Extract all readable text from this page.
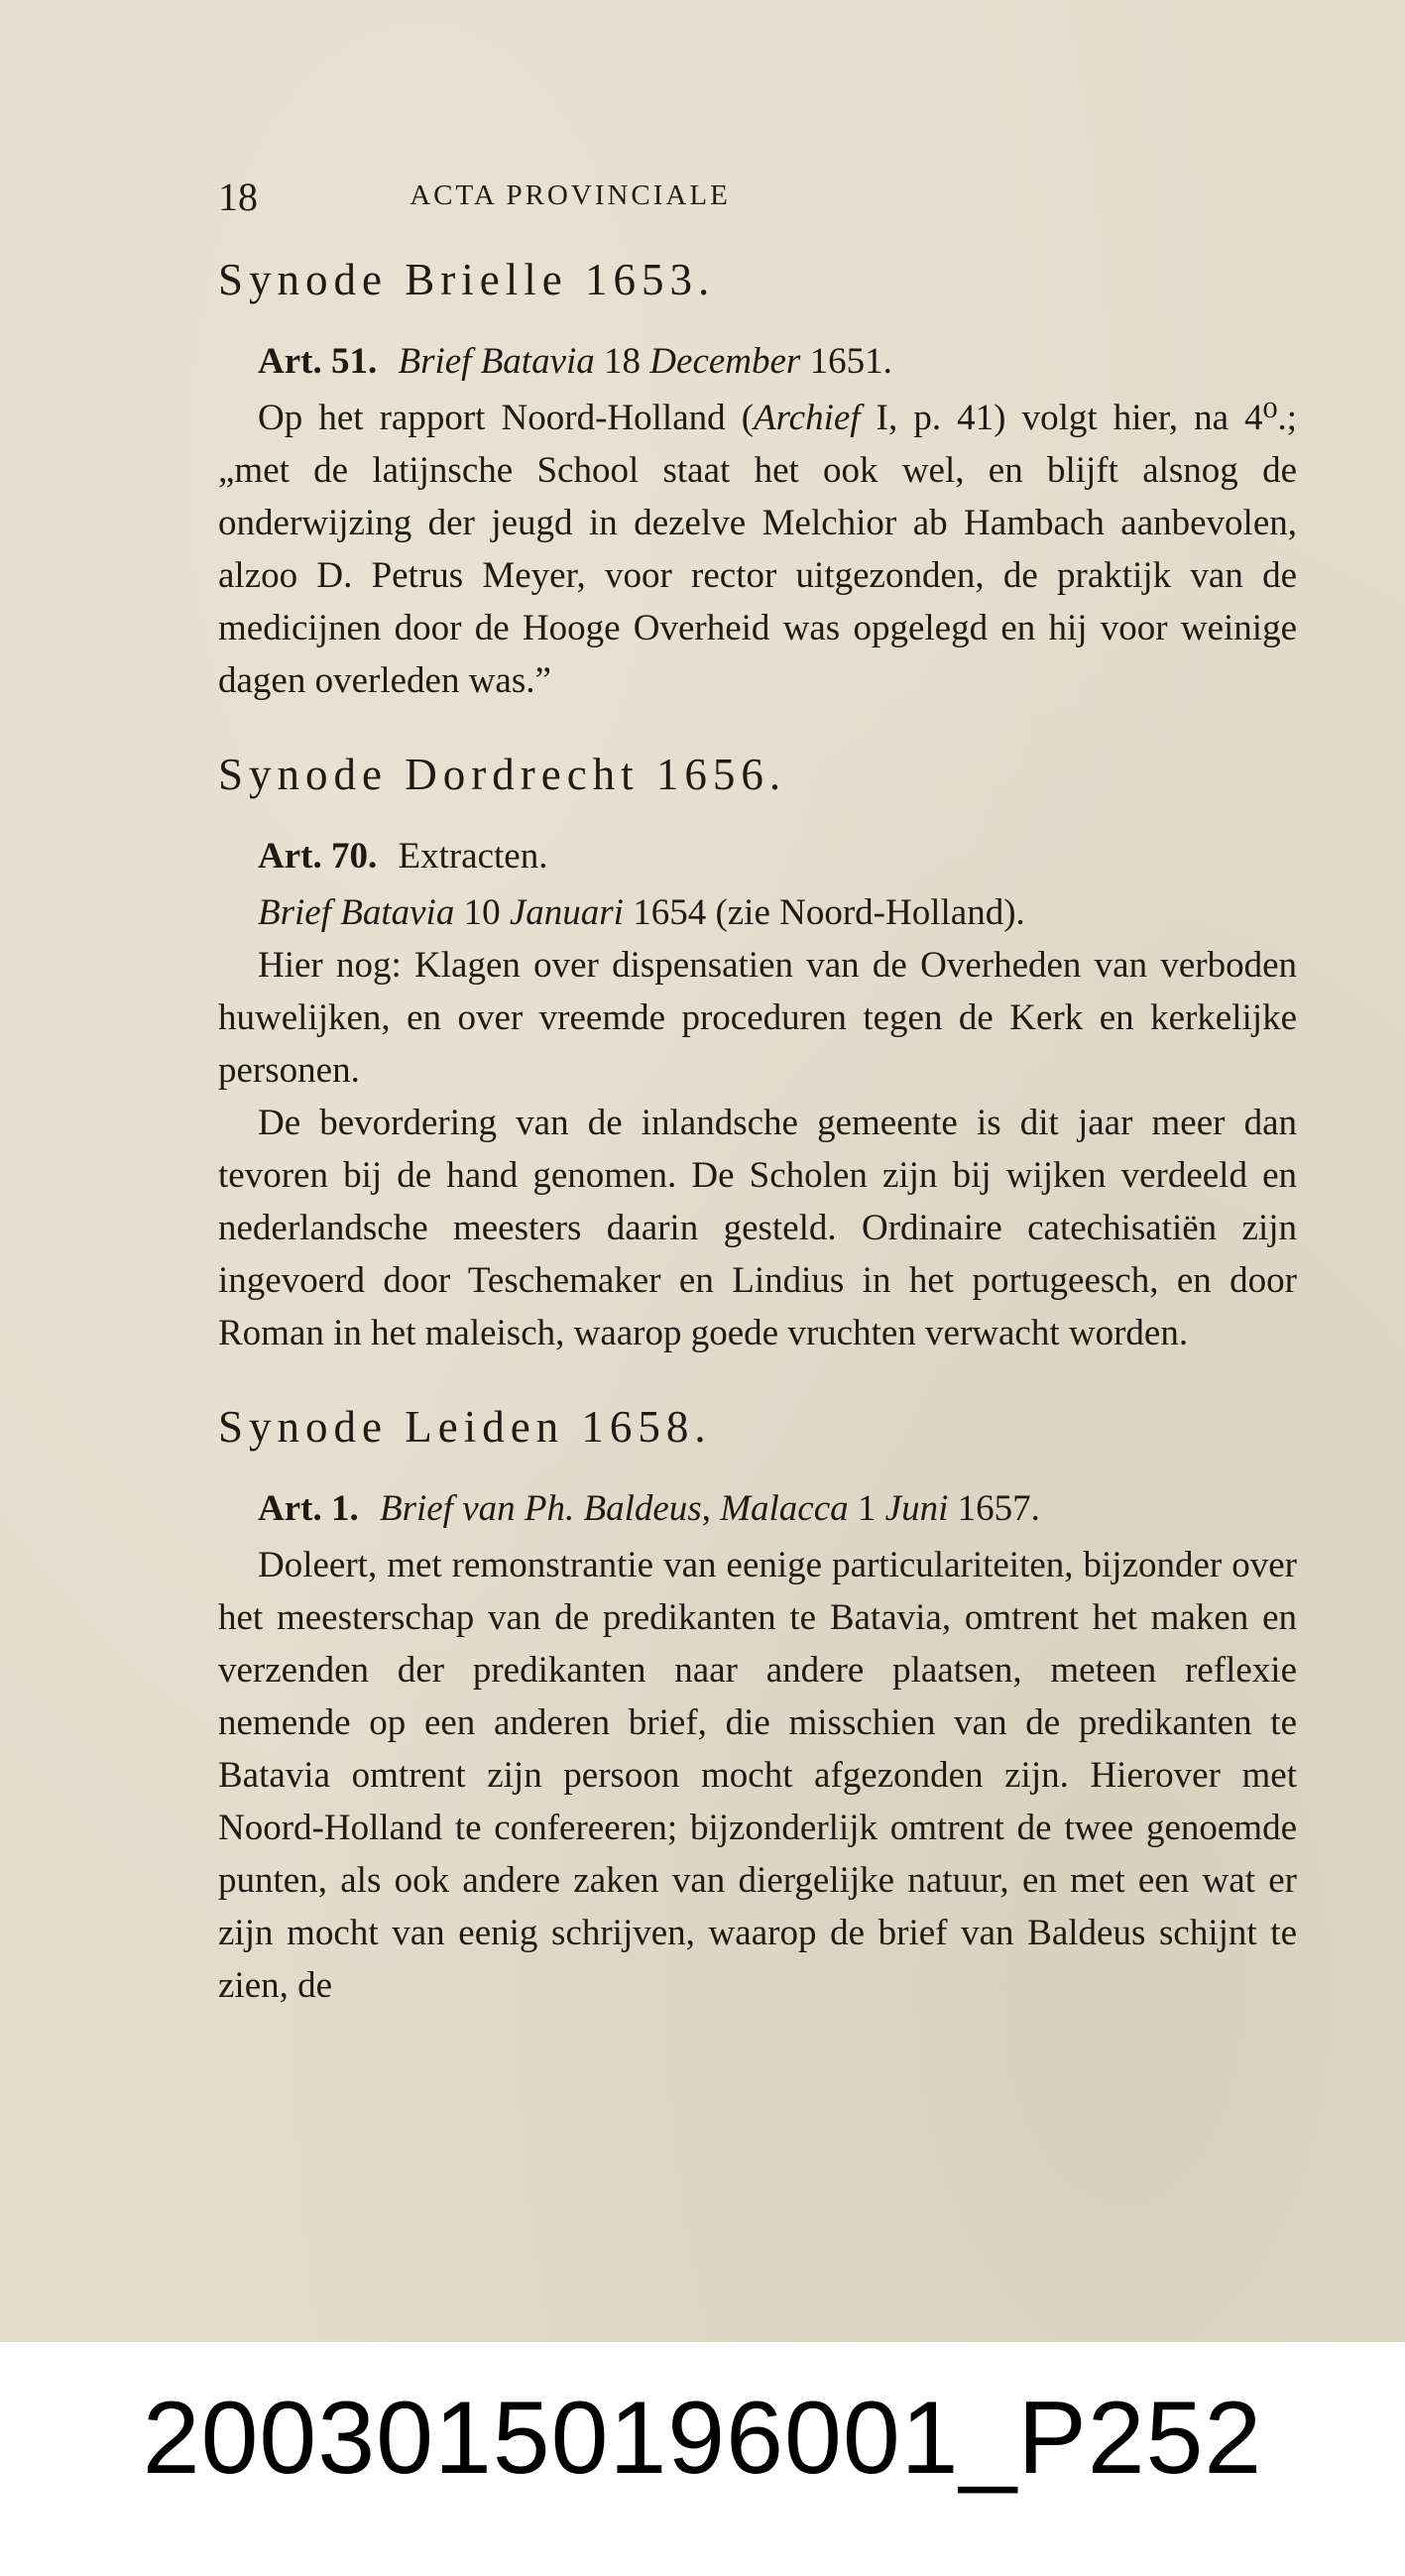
18	ACTA PROVINCIALE
Synode Brielle 1653.
Art. 51. Brief Batavia 18 December 1651.

Op het rapport Noord-Holland (Archief I, p. 41) volgt hier, na 4⁰.; „met de latijnsche School staat het ook wel, en blijft alsnog de onderwijzing der jeugd in dezelve Melchior ab Hambach aanbevolen, alzoo D. Petrus Meyer, voor rector uitgezonden, de praktijk van de medicijnen door de Hooge Overheid was opgelegd en hij voor weinige dagen overleden was.”

Synode Dordrecht 1656.
Art. 70. Extracten.
Brief Batavia 10 Januari 1654 (zie Noord-Holland).

Hier nog: Klagen over dispensatien van de Overheden van verboden huwelijken, en over vreemde proceduren tegen de Kerk en kerkelijke personen.

De bevordering van de inlandsche gemeente is dit jaar meer dan tevoren bij de hand genomen. De Scholen zijn bij wijken verdeeld en nederlandsche meesters daarin gesteld. Ordinaire catechisatiën zijn ingevoerd door Teschemaker en Lindius in het portugeesch, en door Roman in het maleisch, waarop goede vruchten verwacht worden.

Synode Leiden 1658.
Art. 1. Brief van Ph. Baldeus, Malacca 1 Juni 1657.

Doleert, met remonstrantie van eenige particulariteiten, bijzonder over het meesterschap van de predikanten te Batavia, omtrent het maken en verzenden der predikanten naar andere plaatsen, meteen reflexie nemende op een anderen brief, die misschien van de predikanten te Batavia omtrent zijn persoon mocht afgezonden zijn. Hierover met Noord-Holland te confereeren; bijzonderlijk omtrent de twee genoemde punten, als ook andere zaken van diergelijke natuur, en met een wat er zijn mocht van eenig schrijven, waarop de brief van Baldeus schijnt te zien, de

20030150196001_P252
